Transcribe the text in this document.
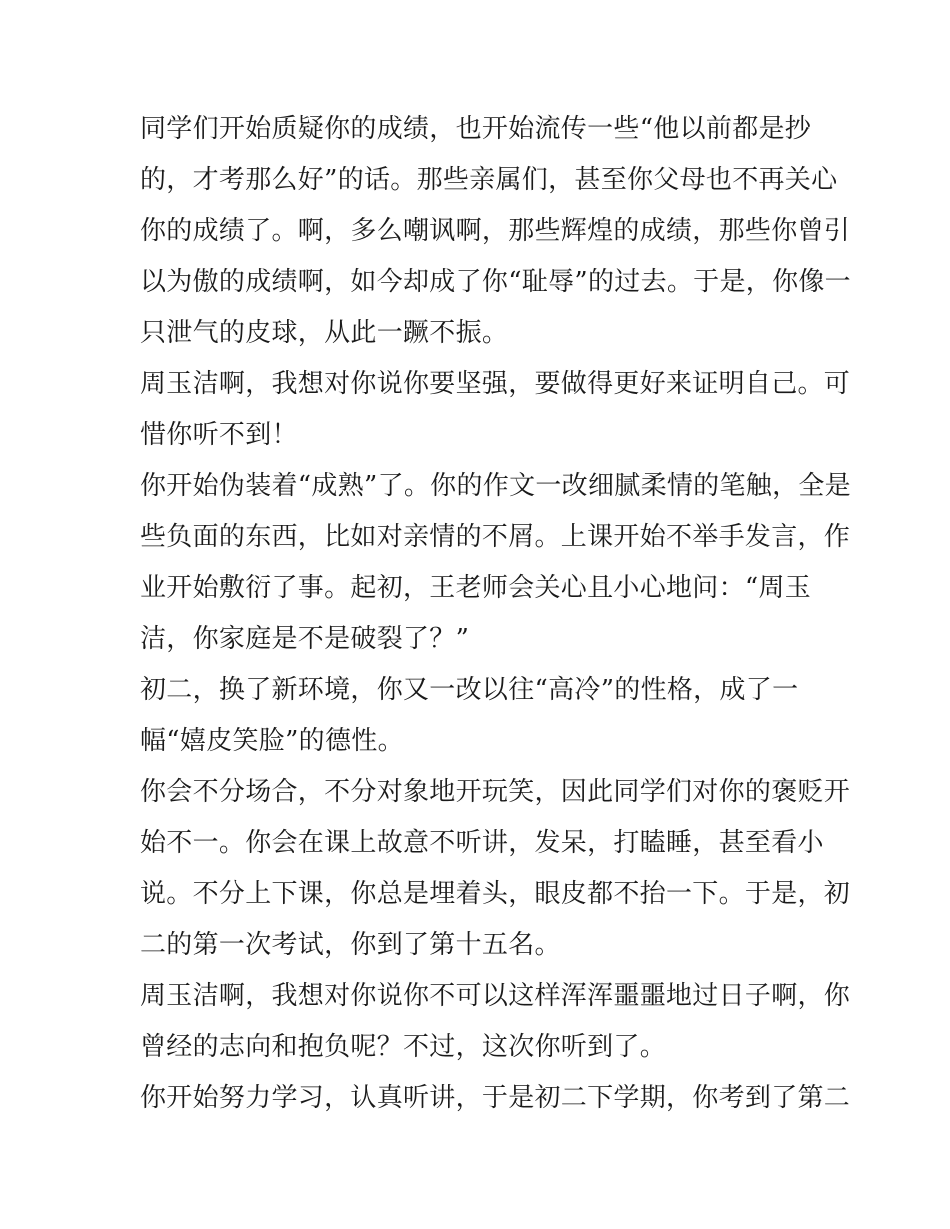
同学们开始质疑你的成绩，也开始流传一些“他以前都是抄
的，才考那么好”的话。那些亲属们，甚至你父母也不再关心
你的成绩了。啊，多么嘲讽啊，那些辉煌的成绩，那些你曾引
以为傲的成绩啊，如今却成了你“耻辱”的过去。于是，你像一
只泄气的皮球，从此一蹶不振。
周玉洁啊，我想对你说你要坚强，要做得更好来证明自己。可
惜你听不到！
你开始伪装着“成熟”了。你的作文一改细腻柔情的笔触，全是
些负面的东西，比如对亲情的不屑。上课开始不举手发言，作
业开始敷衍了事。起初，王老师会关心且小心地问：“周玉
洁，你家庭是不是破裂了？”
初二，换了新环境，你又一改以往“高冷”的性格，成了一
幅“嬉皮笑脸”的德性。
你会不分场合，不分对象地开玩笑，因此同学们对你的褒贬开
始不一。你会在课上故意不听讲，发呆，打瞌睡，甚至看小
说。不分上下课，你总是埋着头，眼皮都不抬一下。于是，初
二的第一次考试，你到了第十五名。
周玉洁啊，我想对你说你不可以这样浑浑噩噩地过日子啊，你
曾经的志向和抱负呢？不过，这次你听到了。
你开始努力学习，认真听讲，于是初二下学期，你考到了第二
